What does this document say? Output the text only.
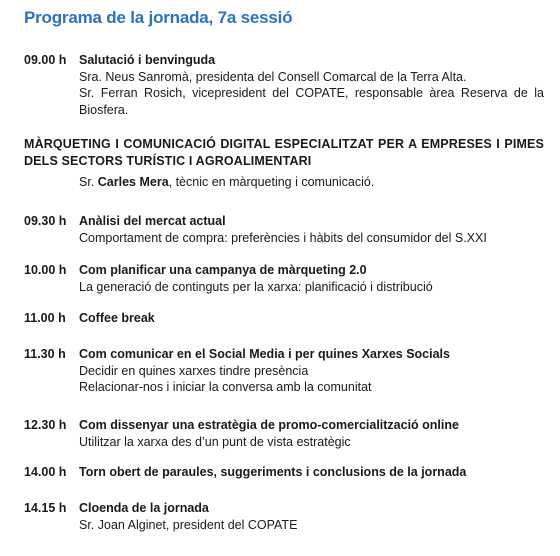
Programa de la jornada, 7a sessió
09.00 h	Salutació i benvinguda
Sra. Neus Sanromà, presidenta del Consell Comarcal de la Terra Alta.
Sr. Ferran Rosich, vicepresident del COPATE, responsable àrea Reserva de la Biosfera.
MÀRQUETING I COMUNICACIÓ DIGITAL ESPECIALITZAT PER A EMPRESES I PIMES DELS SECTORS TURÍSTIC I AGROALIMENTARI
Sr. Carles Mera, tècnic en màrqueting i comunicació.
09.30 h	Anàlisi del mercat actual
Comportament de compra: preferències i hàbits del consumidor del S.XXI
10.00 h	Com planificar una campanya de màrqueting 2.0
La generació de continguts per la xarxa: planificació i distribució
11.00 h	Coffee break
11.30 h	Com comunicar en el Social Media i per quines Xarxes Socials
Decidir en quines xarxes tindre presència
Relacionar-nos i iniciar la conversa amb la comunitat
12.30 h	Com dissenyar una estratègia de promo-comercialització online
Utilitzar la xarxa des d’un punt de vista estratègic
14.00 h	Torn obert de paraules, suggeriments i conclusions de la jornada
14.15 h	Cloenda de la jornada
Sr. Joan Alginet, president del COPATE
